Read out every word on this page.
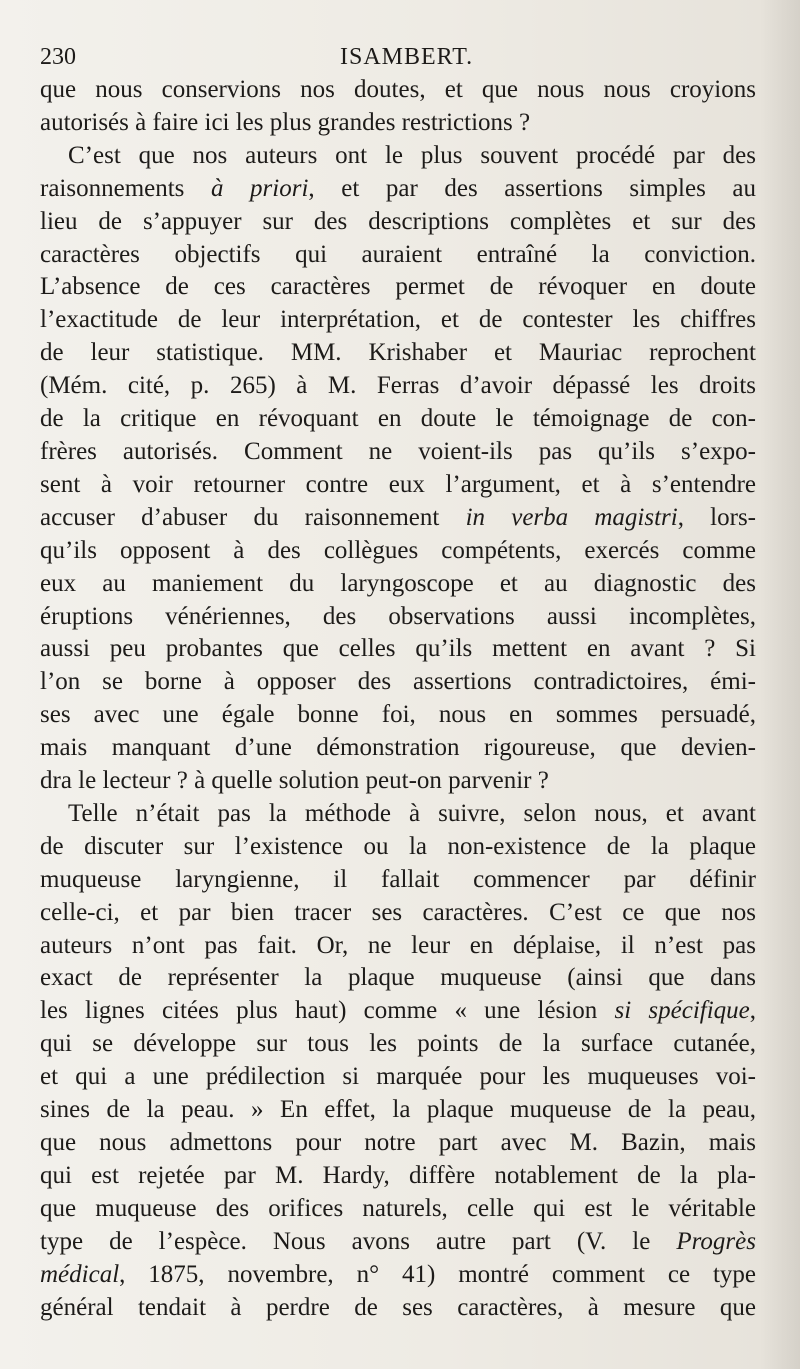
230	ISAMBERT.
que nous conservions nos doutes, et que nous nous croyions
autorisés à faire ici les plus grandes restrictions ?
C’est que nos auteurs ont le plus souvent procédé par des
raisonnements à priori, et par des assertions simples au
lieu de s’appuyer sur des descriptions complètes et sur des
caractères objectifs qui auraient entraîné la conviction.
L’absence de ces caractères permet de révoquer en doute
l’exactitude de leur interprétation, et de contester les chiffres
de leur statistique. MM. Krishaber et Mauriac reprochent
(Mém. cité, p. 265) à M. Ferras d’avoir dépassé les droits
de la critique en révoquant en doute le témoignage de con-
frères autorisés. Comment ne voient-ils pas qu’ils s’expo-
sent à voir retourner contre eux l’argument, et à s’entendre
accuser d’abuser du raisonnement in verba magistri, lors-
qu’ils opposent à des collègues compétents, exercés comme
eux au maniement du laryngoscope et au diagnostic des
éruptions vénériennes, des observations aussi incomplètes,
aussi peu probantes que celles qu’ils mettent en avant ? Si
l’on se borne à opposer des assertions contradictoires, émi-
ses avec une égale bonne foi, nous en sommes persuadé,
mais manquant d’une démonstration rigoureuse, que devien-
dra le lecteur ? à quelle solution peut-on parvenir ?
Telle n’était pas la méthode à suivre, selon nous, et avant
de discuter sur l’existence ou la non-existence de la plaque
muqueuse laryngienne, il fallait commencer par définir
celle-ci, et par bien tracer ses caractères. C’est ce que nos
auteurs n’ont pas fait. Or, ne leur en déplaise, il n’est pas
exact de représenter la plaque muqueuse (ainsi que dans
les lignes citées plus haut) comme « une lésion si spécifique,
qui se développe sur tous les points de la surface cutanée,
et qui a une prédilection si marquée pour les muqueuses voi-
sines de la peau. » En effet, la plaque muqueuse de la peau,
que nous admettons pour notre part avec M. Bazin, mais
qui est rejetée par M. Hardy, diffère notablement de la pla-
que muqueuse des orifices naturels, celle qui est le véritable
type de l’espèce. Nous avons autre part (V. le Progrès
médical, 1875, novembre, n° 41) montré comment ce type
général tendait à perdre de ses caractères, à mesure que
